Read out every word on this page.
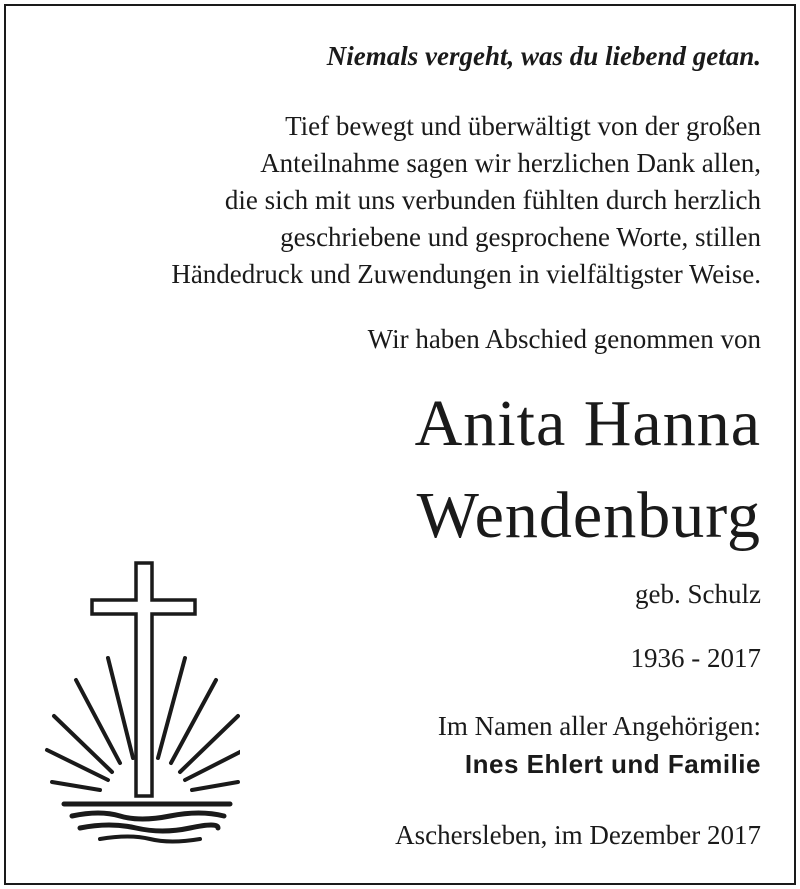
Niemals vergeht, was du liebend getan.
Tief bewegt und überwältigt von der großen
Anteilnahme sagen wir herzlichen Dank allen,
die sich mit uns verbunden fühlten durch herzlich
geschriebene und gesprochene Worte, stillen
Händedruck und Zuwendungen in vielfältigster Weise.
Wir haben Abschied genommen von
Anita Hanna
Wendenburg
geb. Schulz
1936 - 2017
Im Namen aller Angehörigen:
Ines Ehlert und Familie
Aschersleben, im Dezember 2017
